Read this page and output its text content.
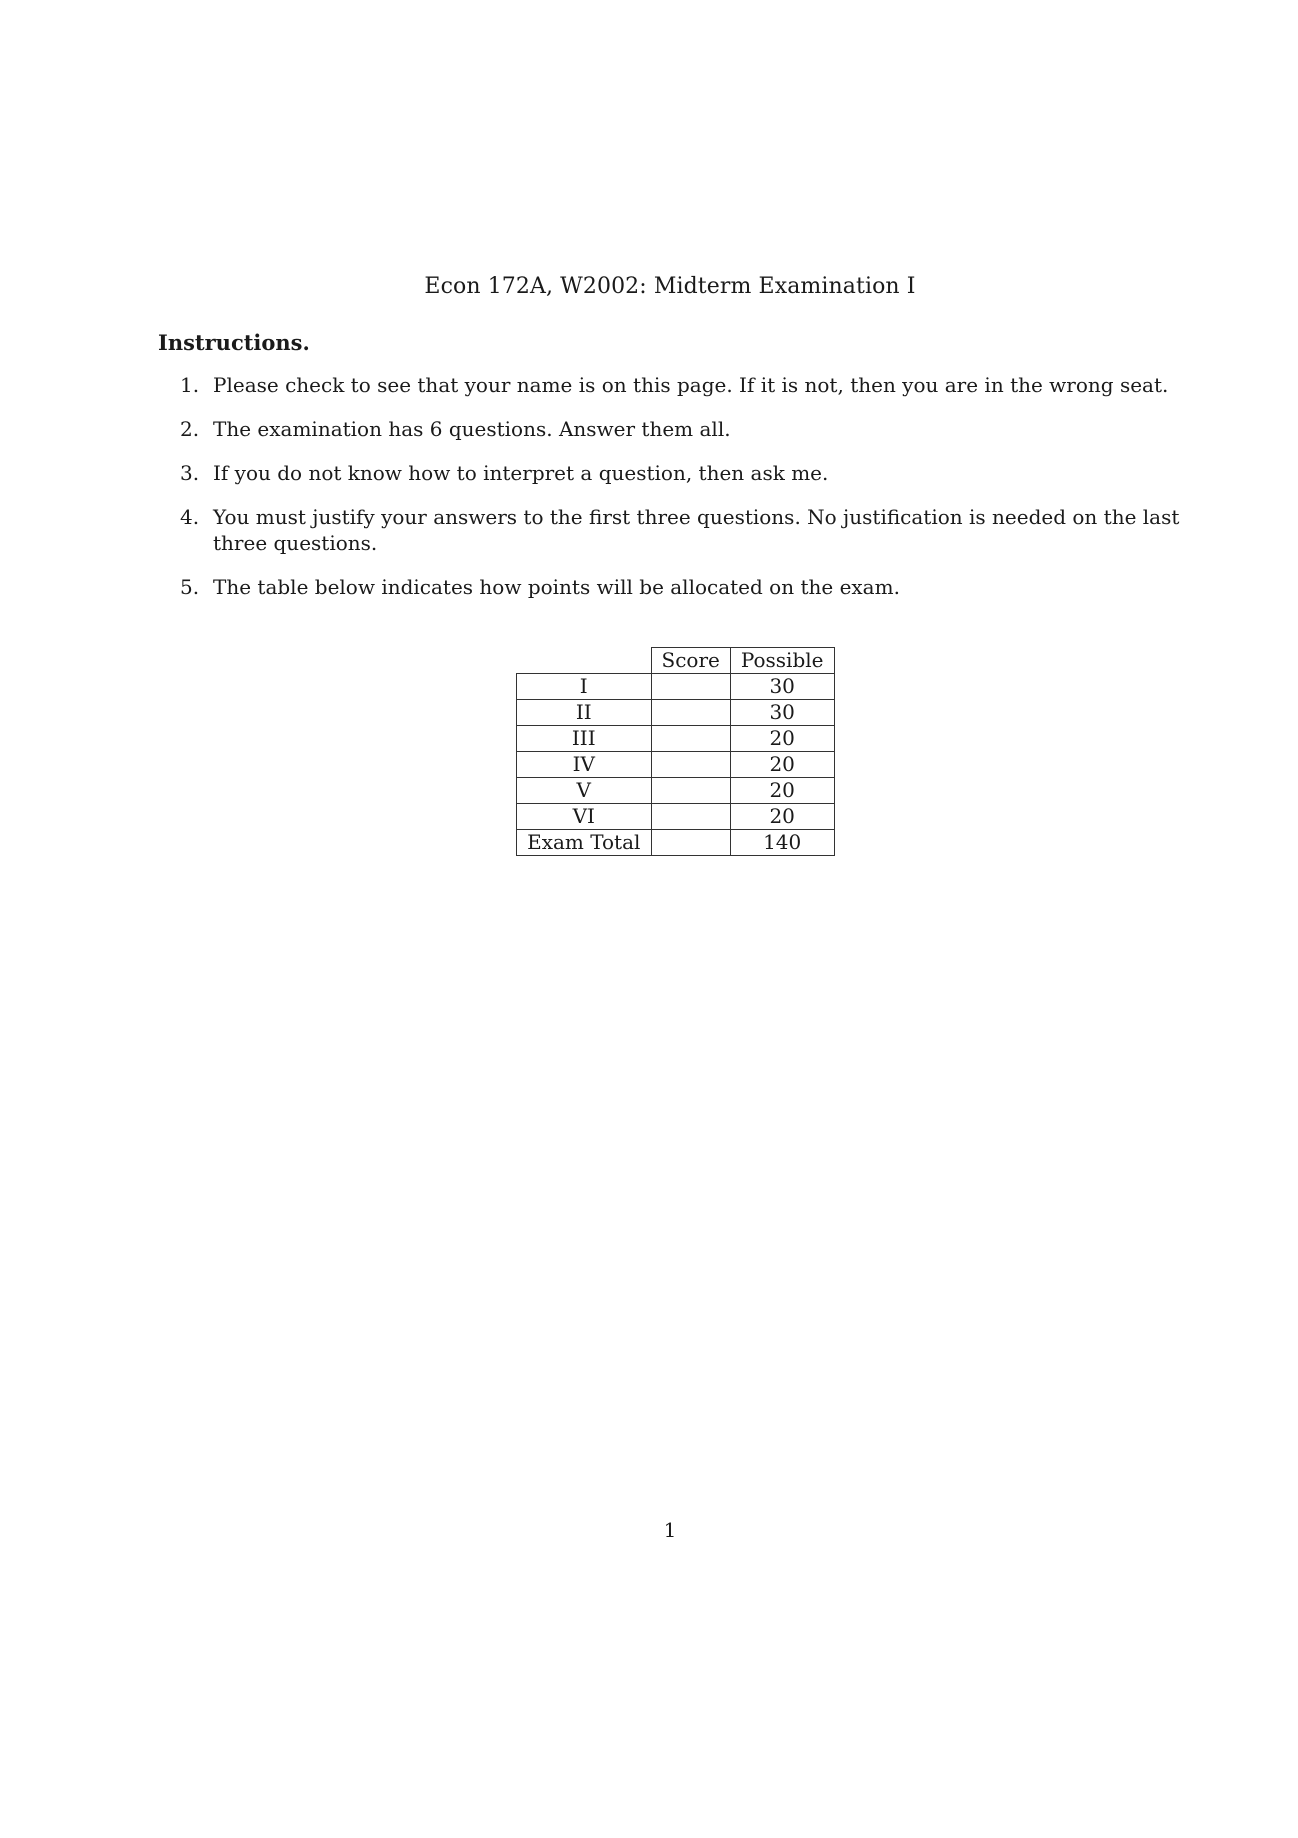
Econ 172A, W2002: Midterm Examination I
Instructions.
1. Please check to see that your name is on this page. If it is not, then you are in the wrong seat.
2. The examination has 6 questions. Answer them all.
3. If you do not know how to interpret a question, then ask me.
4. You must justify your answers to the first three questions. No justification is needed on the last three questions.
5. The table below indicates how points will be allocated on the exam.
	Score	Possible
I		30
II		30
III		20
IV		20
V		20
VI		20
Exam Total		140
1
